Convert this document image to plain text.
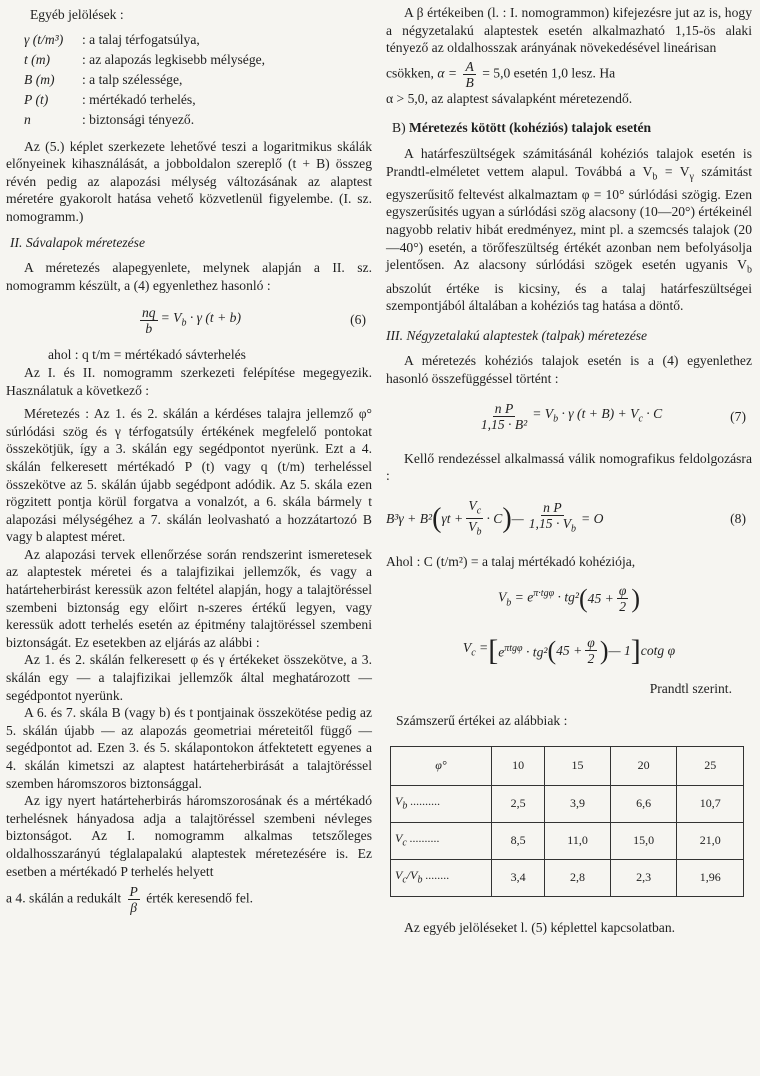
Egyéb jelölések :

γ (t/m³)	: a talaj térfogatsúlya,
t (m)	: az alapozás legkisebb mélysége,
B (m)	: a talp szélessége,
P (t)	: mértékadó terhelés,
n	: biztonsági tényező.

Az (5.) képlet szerkezete lehetővé teszi a logaritmikus skálák előnyeinek kihasználását, a jobboldalon szereplő (t + B) összeg révén pedig az alapozási mélység változásának az alaptest méretére gyakorolt hatása vehető közvetlenül figyelembe. (I. sz. nomogramm.)

II. Sávalapok méretezése

A méretezés alapegyenlete, melynek alapján a II. sz. nomogramm készült, a (4) egyenlethez hasonló :

$\frac{nq}{b} = V_b \cdot \gamma$ (t + b)	(6)

ahol : q t/m = mértékadó sávterhelés

Az I. és II. nomogramm szerkezeti felépítése megegyezik. Használatuk a következő :

Méretezés : Az 1. és 2. skálán a kérdéses talajra jellemző φ° súrlódási szög és γ térfogatsúly értékének megfelelő pontokat összekötjük, így a 3. skálán egy segédpontot nyerünk. Ezt a 4. skálán felkeresett mértékadó P (t) vagy q (t/m) terheléssel összekötve az 5. skálán újabb segédpont adódik. Az 5. skála ezen rögzitett pontja körül forgatva a vonalzót, a 6. skála bármely t alapozási mélységéhez a 7. skálán leolvasható a hozzátartozó B vagy b alaptest méret.

Az alapozási tervek ellenőrzése során rendszerint ismeretesek az alaptestek méretei és a talajfizikai jellemzők, és vagy a határteherbirást keressük azon feltétel alapján, hogy a talajtöréssel szembeni biztonság egy előirt n-szeres értékű legyen, vagy keressük adott terhelés esetén az épitmény talajtöréssel szembeni biztonságát. Ez esetekben az eljárás az alábbi :

Az 1. és 2. skálán felkeresett φ és γ értékeket összekötve, a 3. skálán egy — a talajfizikai jellemzők által meghatározott — segédpontot nyerünk.

A 6. és 7. skála B (vagy b) és t pontjainak összekötése pedig az 5. skálán újabb — az alapozás geometriai méreteitől függő — segédpontot ad. Ezen 3. és 5. skálapontokon átfektetett egyenes a 4. skálán kimetszi az alaptest határteherbirását a talajtöréssel szemben háromszoros biztonsággal.

Az igy nyert határteherbirás háromszorosának és a mértékadó terhelésnek hányadosa adja a talajtöréssel szembeni névleges biztonságot. Az I. nomogramm alkalmas tetszőleges oldalhosszarányú téglalapalakú alaptestek méretezésére is. Ez esetben a mértékadó P terhelés helyett

a 4. skálán a redukált $\frac{P}{\beta}$ érték keresendő fel.

A β értékeiben (l. : I. nomogrammon) kifejezésre jut az is, hogy a négyzetalakú alaptestek esetén alkalmazható 1,15-ös alaki tényező az oldalhosszak arányának növekedésével lineárisan

csökken, $\alpha = \frac{A}{B} = 5,0$ esetén 1,0 lesz. Ha

α > 5,0, az alaptest sávalapként méretezendő.

B) Méretezés kötött (kohéziós) talajok esetén

A határfeszültségek számitásánál kohéziós talajok esetén is Prandtl-elméletet vettem alapul. Továbbá a $V_b = V_\gamma$ számitást egyszerűsitő feltevést alkalmaztam φ = 10° súrlódási szögig. Ezen egyszerűsités ugyan a súrlódási szög alacsony (10—20°) értékeinél nagyobb relativ hibát eredményez, mint pl. a szemcsés talajok (20—40°) esetén, a törőfeszültség értékét azonban nem befolyásolja jelentősen. Az alacsony súrlódási szögek esetén ugyanis $V_b$ abszolút értéke is kicsiny, és a talaj határfeszültségei szempontjából általában a kohéziós tag hatása a döntő.

III. Négyzetalakú alaptestek (talpak) méretezése

A méretezés kohéziós talajok esetén is a (4) egyenlethez hasonló összefüggéssel történt :

$\frac{\text{n P}}{\text{1,15 · B²}} = V_b \cdot \gamma$ $(t + B) + V_c \cdot C$	(7)

Kellő rendezéssel alkalmassá válik nomografikus feldolgozásra :

B³γ + B² ( $\gamma t + \frac{V_c}{V_b} \cdot C$ ) — $\frac{\text{n P}}{1,15 \cdot V_b} = O$	(8)

Ahol : C (t/m²) = a talaj mértékadó kohéziója,

$V_b = e^{\pi\cdot tg\varphi} \cdot tg^2$ ( $45 + \frac{\varphi}{2}$ )
$V_c$ = [ $e^{\pi tg\varphi} \cdot tg^2$ ( $45 + \frac{\varphi}{2}$ ) — 1 ] cotg φ

Prandtl szerint.

Számszerű értékei az alábbiak :

φ°	10	15	20	25
$V_b$ ..........	2,5	3,9	6,6	10,7
$V_c$ ..........	8,5	11,0	15,0	21,0
$V_c/V_b$ ........	3,4	2,8	2,3	1,96

Az egyéb jelöléseket l. (5) képlettel kapcsolatban.
